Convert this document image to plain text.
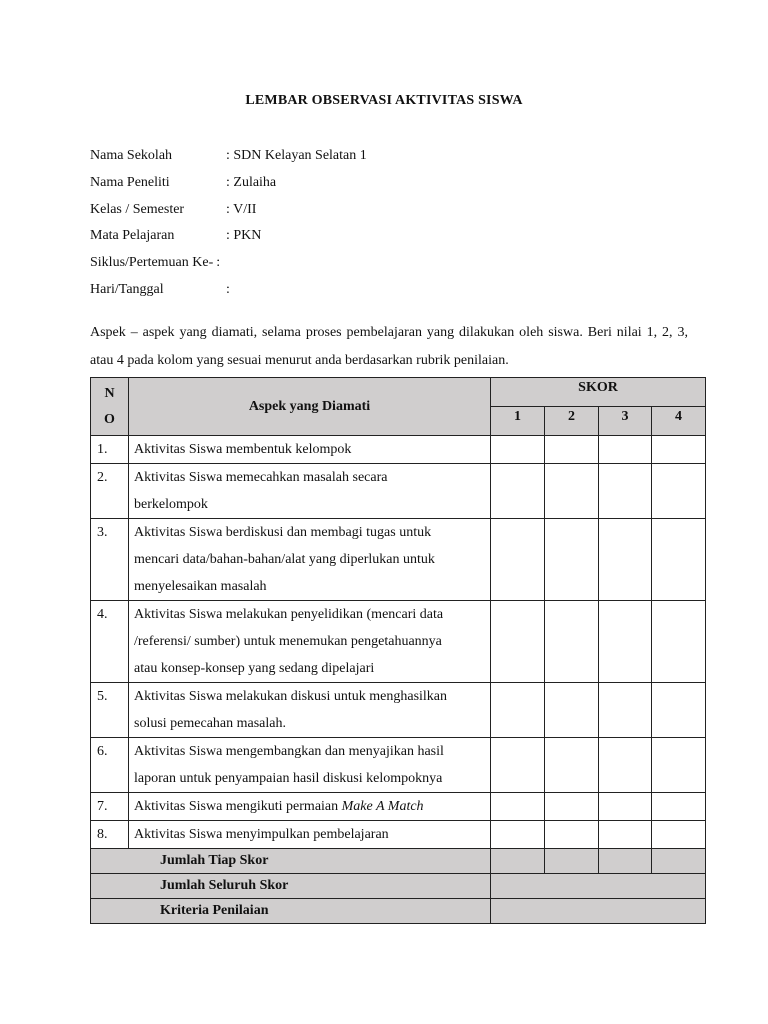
LEMBAR OBSERVASI AKTIVITAS SISWA
Nama Sekolah	: SDN Kelayan Selatan 1
Nama Peneliti	: Zulaiha
Kelas / Semester	: V/II
Mata Pelajaran	: PKN
Siklus/Pertemuan Ke- :
Hari/Tanggal	:
Aspek – aspek yang diamati, selama proses pembelajaran yang dilakukan oleh siswa. Beri nilai 1, 2, 3, atau 4 pada kolom yang sesuai menurut anda berdasarkan rubrik penilaian.
N
O	Aspek yang Diamati	SKOR			
		1	2	3	4
1.	Aktivitas Siswa membentuk kelompok				
2.	Aktivitas Siswa memecahkan masalah secara
berkelompok				

3.	Aktivitas Siswa berdiskusi dan membagi tugas untuk
mencari data/bahan-bahan/alat yang diperlukan untuk
menyelesaikan masalah				

4.	Aktivitas Siswa melakukan penyelidikan (mencari data
/referensi/ sumber) untuk menemukan pengetahuannya
atau konsep-konsep yang sedang dipelajari				

5.	Aktivitas Siswa melakukan diskusi untuk menghasilkan
solusi pemecahan masalah.				

6.	Aktivitas Siswa mengembangkan dan menyajikan hasil
laporan untuk penyampaian hasil diskusi kelompoknya				

7.	Aktivitas Siswa mengikuti permaian Make A Match				
8.	Aktivitas Siswa menyimpulkan pembelajaran				
Jumlah Tiap Skor					
Jumlah Seluruh Skor					
Kriteria Penilaian					
